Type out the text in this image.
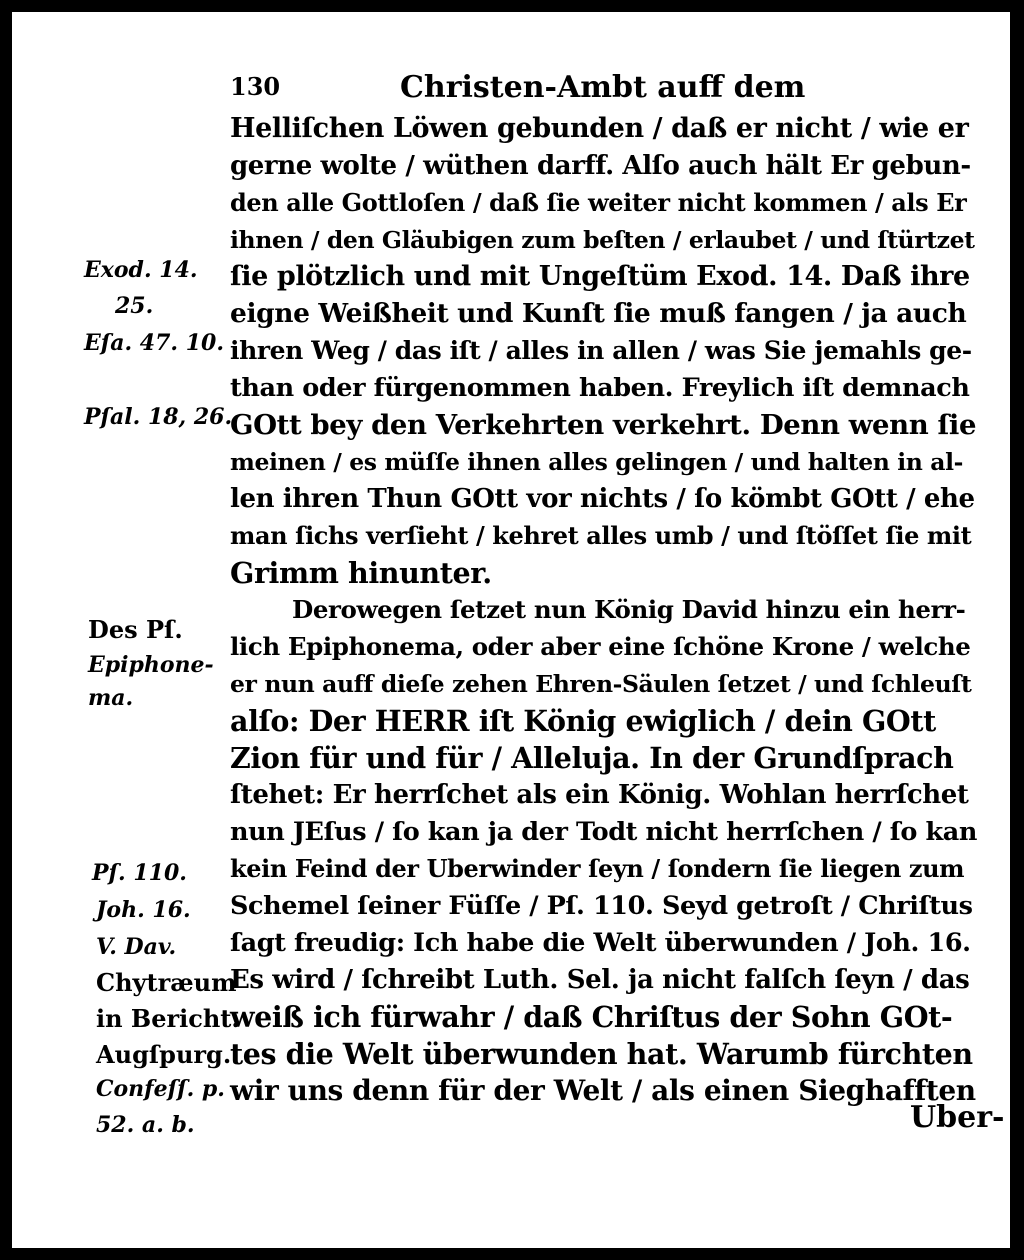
130	Christen-Ambt auff dem
Helliſchen Löwen gebunden / daß er nicht / wie er
gerne wolte / wüthen darff. Alſo auch hält Er gebun-
den alle Gottloſen / daß ſie weiter nicht kommen / als Er
ihnen / den Gläubigen zum beſten / erlaubet / und ſtürtzet
ſie plötzlich und mit Ungeſtüm Exod. 14. Daß ihre
eigne Weißheit und Kunſt ſie muß fangen / ja auch
ihren Weg / das iſt / alles in allen / was Sie jemahls ge-
than oder fürgenommen haben. Freylich iſt demnach
GOtt bey den Verkehrten verkehrt. Denn wenn ſie
meinen / es müſſe ihnen alles gelingen / und halten in al-
len ihren Thun GOtt vor nichts / ſo kömbt GOtt / ehe
man ſichs verſieht / kehret alles umb / und ſtöſſet ſie mit
Grimm hinunter.
Derowegen ſetzet nun König David hinzu ein herr-
lich Epiphonema, oder aber eine ſchöne Krone / welche
er nun auff dieſe zehen Ehren-Säulen ſetzet / und ſchleuſt
alſo: Der HERR iſt König ewiglich / dein GOtt
Zion für und für / Alleluja. In der Grundſprach
ſtehet: Er herrſchet als ein König. Wohlan herrſchet
nun JEſus / ſo kan ja der Todt nicht herrſchen / ſo kan
kein Feind der Uberwinder ſeyn / ſondern ſie liegen zum
Schemel ſeiner Füſſe / Pſ. 110. Seyd getroſt / Chriſtus
ſagt freudig: Ich habe die Welt überwunden / Joh. 16.
Es wird / ſchreibt Luth. Sel. ja nicht falſch ſeyn / das
weiß ich fürwahr / daß Chriſtus der Sohn GOt-
tes die Welt überwunden hat. Warumb fürchten
wir uns denn für der Welt / als einen Sieghafften
Exod. 14.
25.
Eſa. 47. 10.
Pſal. 18, 26.
Des Pſ.
Epiphone-
ma.
Pſ. 110.
Joh. 16.
V. Dav.
Chytræum
in Bericht.
Augſpurg.
Confeſſ. p.
52. a. b.	Uber-
